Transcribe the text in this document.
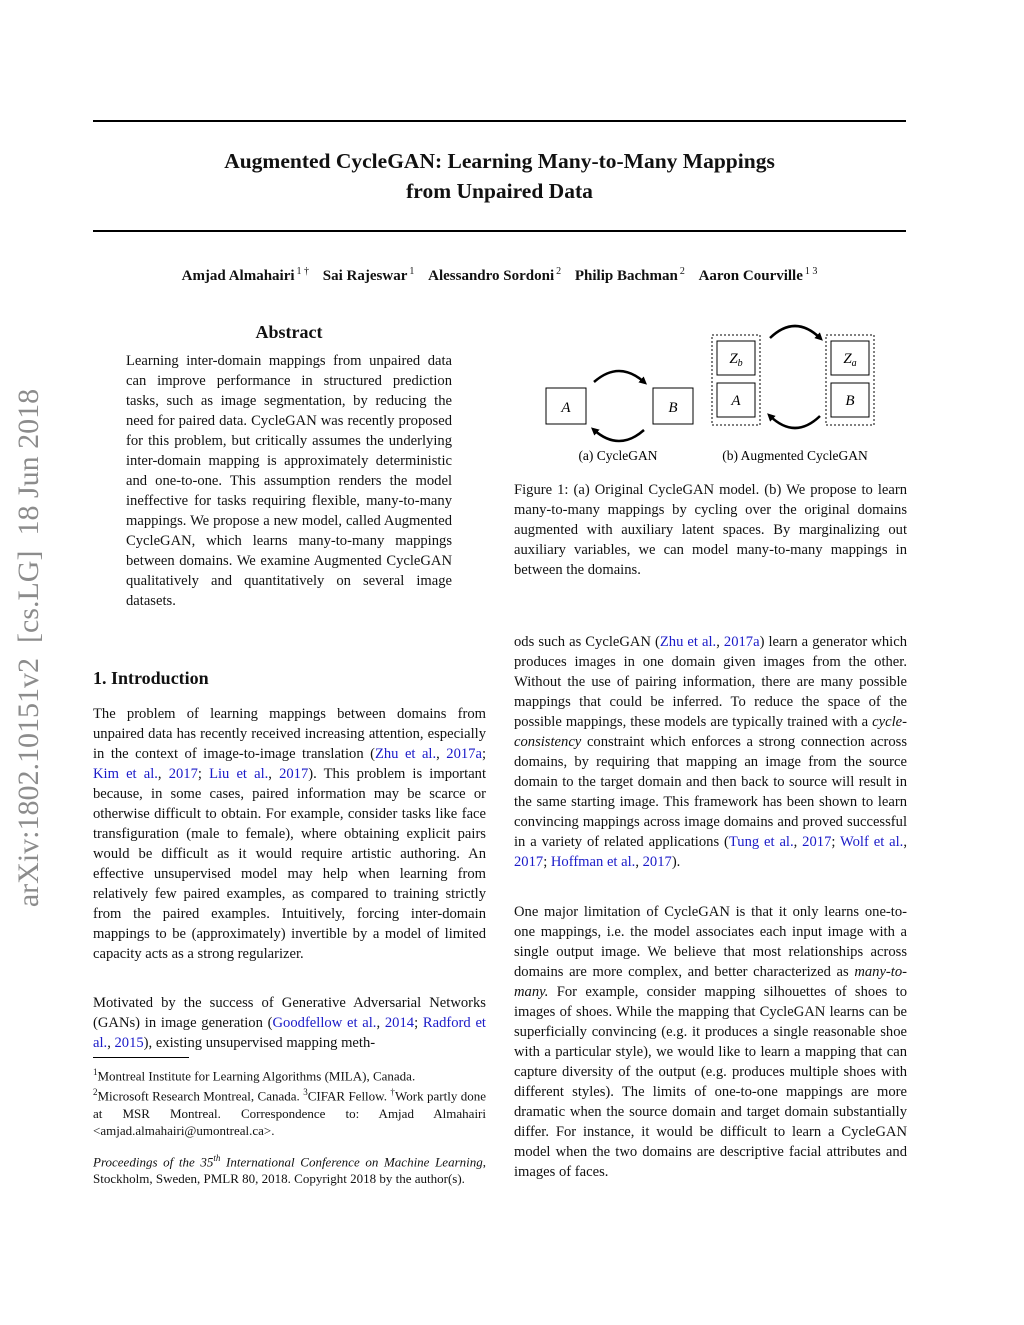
Augmented CycleGAN: Learning Many-to-Many Mappings
from Unpaired Data
Amjad Almahairi $^{1 \dagger}$ Sai Rajeswar $^1$ Alessandro Sordoni $^2$ Philip Bachman $^2$ Aaron Courville $^{1 3}$
arXiv:1802.10151v2  [cs.LG]  18 Jun 2018
Abstract
Learning inter-domain mappings from unpaired data can improve performance in structured prediction tasks, such as image segmentation, by reducing the need for paired data. CycleGAN was recently proposed for this problem, but critically assumes the underlying inter-domain mapping is approximately deterministic and one-to-one. This assumption renders the model ineffective for tasks requiring flexible, many-to-many mappings. We propose a new model, called Augmented CycleGAN, which learns many-to-many mappings between domains. We examine Augmented CycleGAN qualitatively and quantitatively on several image datasets.
A	B
(a) CycleGAN
$Z_b$
A
$Z_a$
B
(b) Augmented CycleGAN
Figure 1: (a) Original CycleGAN model. (b) We propose to learn many-to-many mappings by cycling over the original domains augmented with auxiliary latent spaces. By marginalizing out auxiliary variables, we can model many-to-many mappings in between the domains.
1. Introduction
The problem of learning mappings between domains from unpaired data has recently received increasing attention, especially in the context of image-to-image translation (Zhu et al., 2017a; Kim et al., 2017; Liu et al., 2017). This problem is important because, in some cases, paired information may be scarce or otherwise difficult to obtain. For example, consider tasks like face transfiguration (male to female), where obtaining explicit pairs would be difficult as it would require artistic authoring. An effective unsupervised model may help when learning from relatively few paired examples, as compared to training strictly from the paired examples. Intuitively, forcing inter-domain mappings to be (approximately) invertible by a model of limited capacity acts as a strong regularizer.
Motivated by the success of Generative Adversarial Networks (GANs) in image generation (Goodfellow et al., 2014; Radford et al., 2015), existing unsupervised mapping meth-
$^1$Montreal Institute for Learning Algorithms (MILA), Canada.
$^2$Microsoft Research Montreal, Canada. $^3$CIFAR Fellow. †Work partly done at MSR Montreal. Correspondence to: Amjad Almahairi <amjad.almahairi@umontreal.ca>.
Proceedings of the 35th International Conference on Machine Learning, Stockholm, Sweden, PMLR 80, 2018. Copyright 2018 by the author(s).
ods such as CycleGAN (Zhu et al., 2017a) learn a generator which produces images in one domain given images from the other. Without the use of pairing information, there are many possible mappings that could be inferred. To reduce the space of the possible mappings, these models are typically trained with a cycle-consistency constraint which enforces a strong connection across domains, by requiring that mapping an image from the source domain to the target domain and then back to source will result in the same starting image. This framework has been shown to learn convincing mappings across image domains and proved successful in a variety of related applications (Tung et al., 2017; Wolf et al., 2017; Hoffman et al., 2017).
One major limitation of CycleGAN is that it only learns one-to-one mappings, i.e. the model associates each input image with a single output image. We believe that most relationships across domains are more complex, and better characterized as many-to-many. For example, consider mapping silhouettes of shoes to images of shoes. While the mapping that CycleGAN learns can be superficially convincing (e.g. it produces a single reasonable shoe with a particular style), we would like to learn a mapping that can capture diversity of the output (e.g. produces multiple shoes with different styles). The limits of one-to-one mappings are more dramatic when the source domain and target domain substantially differ. For instance, it would be difficult to learn a CycleGAN model when the two domains are descriptive facial attributes and images of faces.
